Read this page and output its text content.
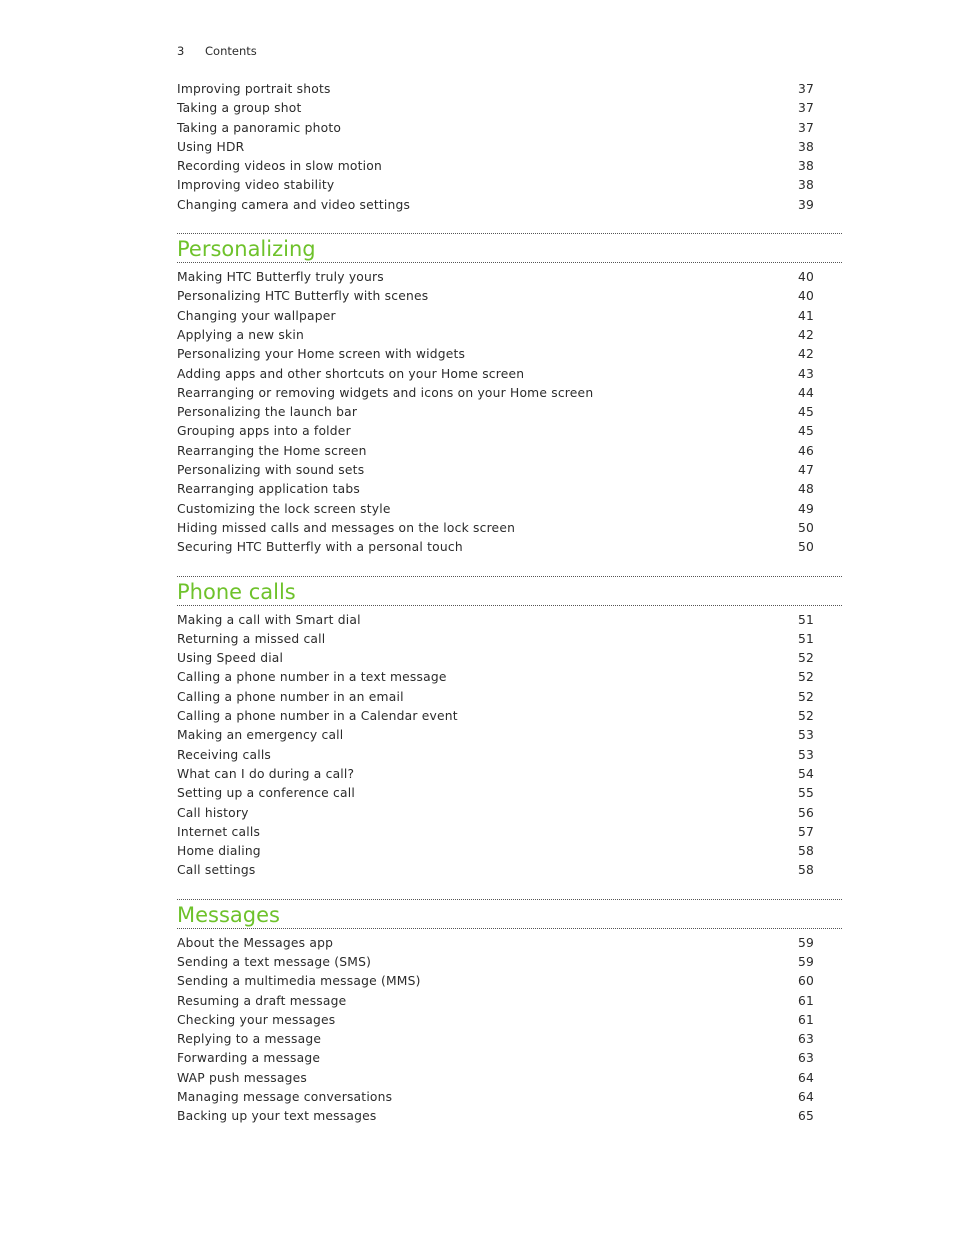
3	Contents
Improving portrait shots	37
Taking a group shot	37
Taking a panoramic photo	37
Using HDR	38
Recording videos in slow motion	38
Improving video stability	38
Changing camera and video settings	39
Personalizing
Making HTC Butterfly truly yours	40
Personalizing HTC Butterfly with scenes	40
Changing your wallpaper	41
Applying a new skin	42
Personalizing your Home screen with widgets	42
Adding apps and other shortcuts on your Home screen	43
Rearranging or removing widgets and icons on your Home screen	44
Personalizing the launch bar	45
Grouping apps into a folder	45
Rearranging the Home screen	46
Personalizing with sound sets	47
Rearranging application tabs	48
Customizing the lock screen style	49
Hiding missed calls and messages on the lock screen	50
Securing HTC Butterfly with a personal touch	50
Phone calls
Making a call with Smart dial	51
Returning a missed call	51
Using Speed dial	52
Calling a phone number in a text message	52
Calling a phone number in an email	52
Calling a phone number in a Calendar event	52
Making an emergency call	53
Receiving calls	53
What can I do during a call?	54
Setting up a conference call	55
Call history	56
Internet calls	57
Home dialing	58
Call settings	58
Messages
About the Messages app	59
Sending a text message (SMS)	59
Sending a multimedia message (MMS)	60
Resuming a draft message	61
Checking your messages	61
Replying to a message	63
Forwarding a message	63
WAP push messages	64
Managing message conversations	64
Backing up your text messages	65
